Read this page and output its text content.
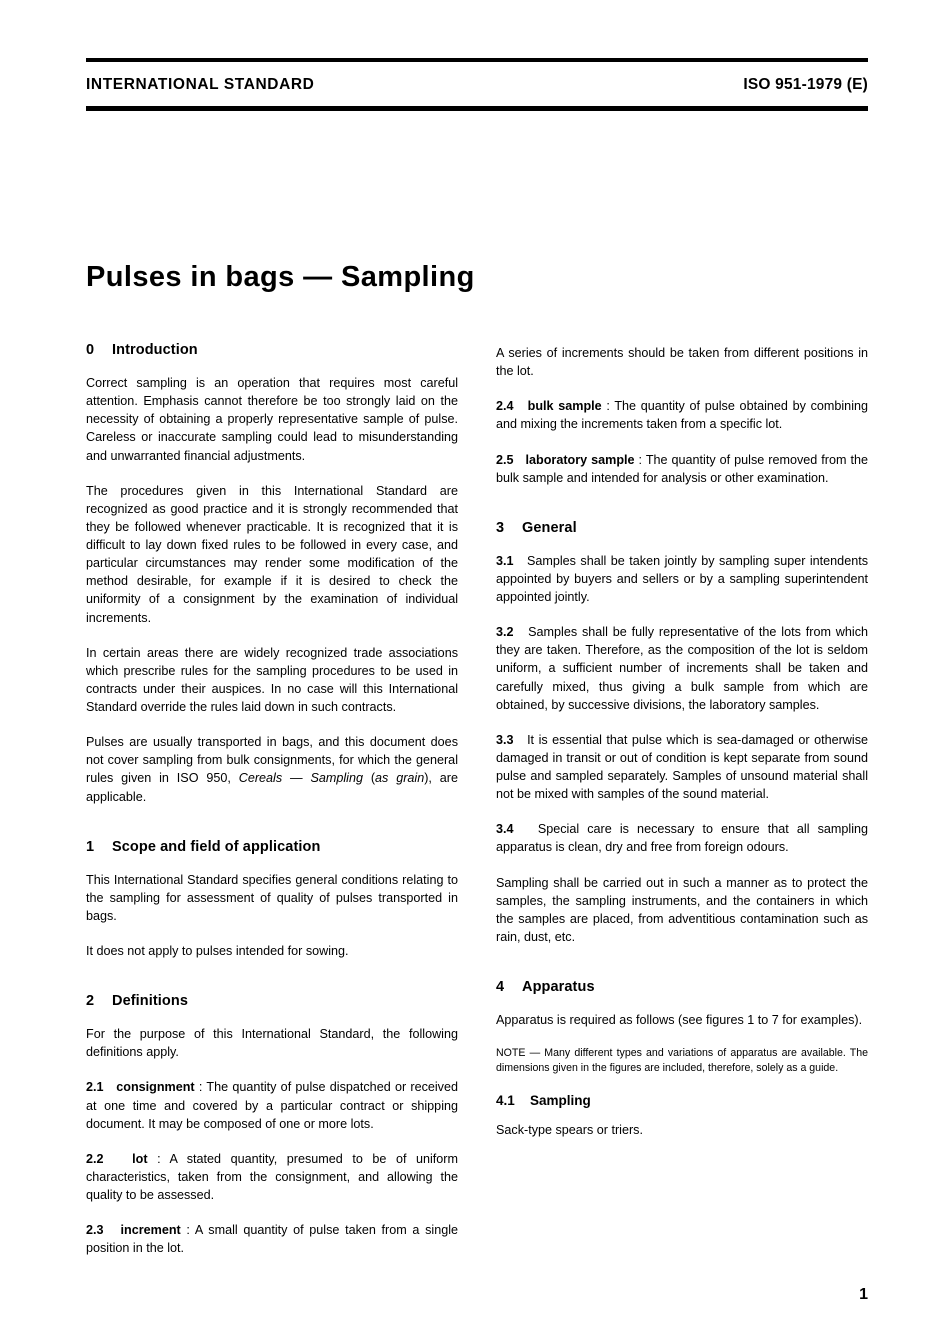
INTERNATIONAL STANDARD	ISO 951-1979 (E)
Pulses in bags — Sampling
0 Introduction

Correct sampling is an operation that requires most careful attention. Emphasis cannot therefore be too strongly laid on the necessity of obtaining a properly representative sample of pulse. Careless or inaccurate sampling could lead to misunderstanding and unwarranted financial adjustments.

The procedures given in this International Standard are recognized as good practice and it is strongly recommended that they be followed whenever practicable. It is recognized that it is difficult to lay down fixed rules to be followed in every case, and particular circumstances may render some modification of the method desirable, for example if it is desired to check the uniformity of a consignment by the examination of individual increments.

In certain areas there are widely recognized trade associations which prescribe rules for the sampling procedures to be used in contracts under their auspices. In no case will this International Standard override the rules laid down in such contracts.

Pulses are usually transported in bags, and this document does not cover sampling from bulk consignments, for which the general rules given in ISO 950, Cereals — Sampling (as grain), are applicable.

1 Scope and field of application

This International Standard specifies general conditions relating to the sampling for assessment of quality of pulses transported in bags.

It does not apply to pulses intended for sowing.

2 Definitions

For the purpose of this International Standard, the following definitions apply.

2.1 consignment : The quantity of pulse dispatched or received at one time and covered by a particular contract or shipping document. It may be composed of one or more lots.

2.2 lot : A stated quantity, presumed to be of uniform characteristics, taken from the consignment, and allowing the quality to be assessed.

2.3 increment : A small quantity of pulse taken from a single position in the lot.

A series of increments should be taken from different positions in the lot.

2.4 bulk sample : The quantity of pulse obtained by combining and mixing the increments taken from a specific lot.

2.5 laboratory sample : The quantity of pulse removed from the bulk sample and intended for analysis or other examination.

3 General

3.1 Samples shall be taken jointly by sampling super intendents appointed by buyers and sellers or by a sampling superintendent appointed jointly.

3.2 Samples shall be fully representative of the lots from which they are taken. Therefore, as the composition of the lot is seldom uniform, a sufficient number of increments shall be taken and carefully mixed, thus giving a bulk sample from which are obtained, by successive divisions, the laboratory samples.

3.3 It is essential that pulse which is sea-damaged or otherwise damaged in transit or out of condition is kept separate from sound pulse and sampled separately. Samples of unsound material shall not be mixed with samples of the sound material.

3.4 Special care is necessary to ensure that all sampling apparatus is clean, dry and free from foreign odours.

Sampling shall be carried out in such a manner as to protect the samples, the sampling instruments, and the containers in which the samples are placed, from adventitious contamination such as rain, dust, etc.

4 Apparatus

Apparatus is required as follows (see figures 1 to 7 for examples).

NOTE — Many different types and variations of apparatus are available. The dimensions given in the figures are included, therefore, solely as a guide.

4.1 Sampling

Sack-type spears or triers.

1
